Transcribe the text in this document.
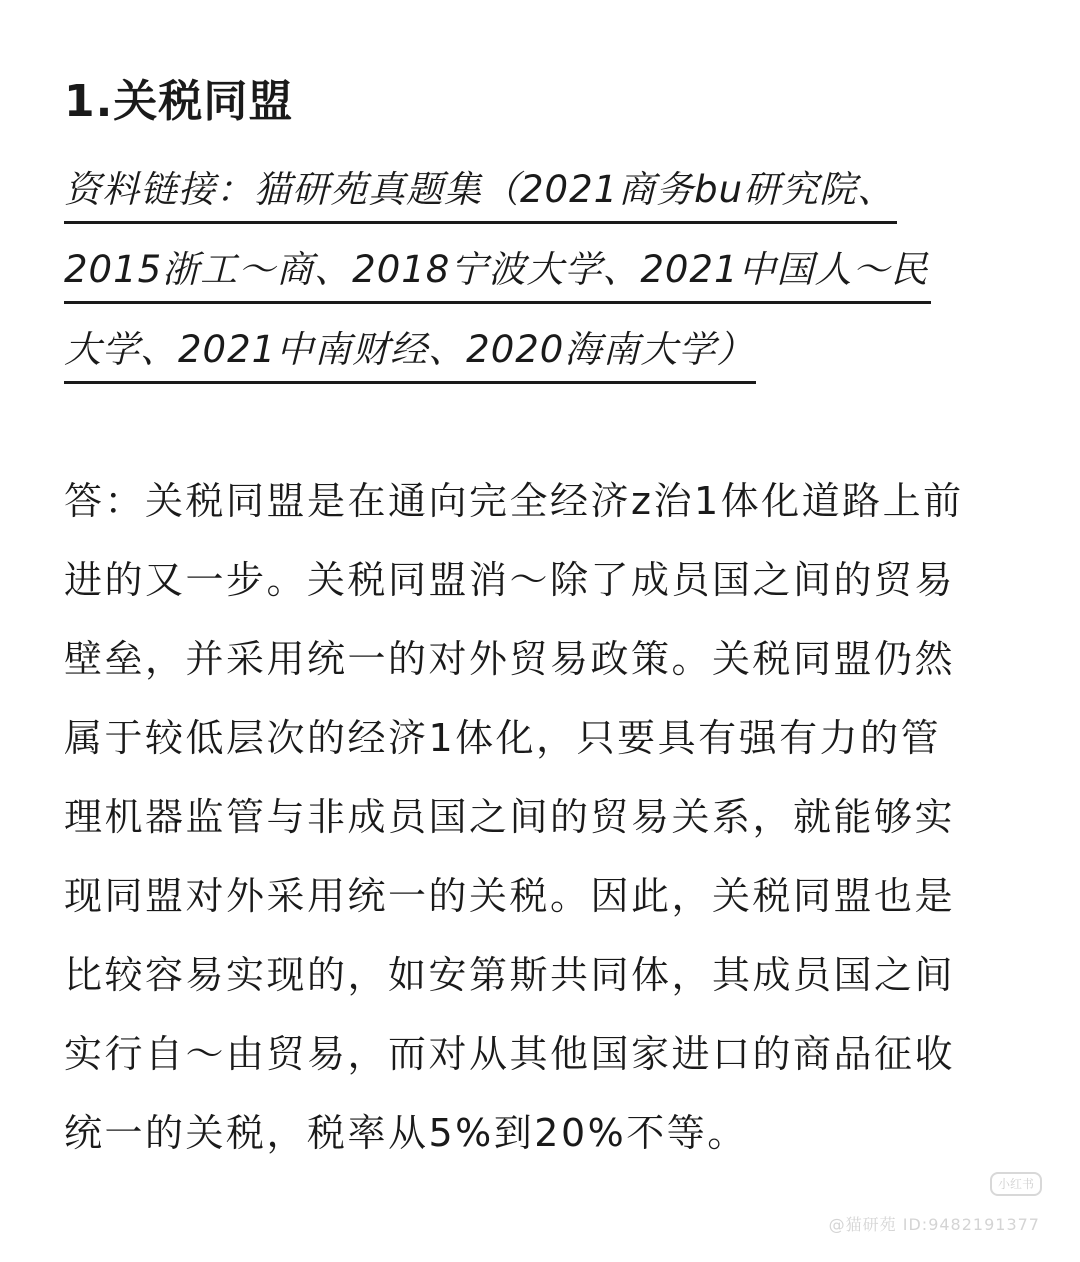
1.关税同盟
资料链接：猫研苑真题集（2021商务bu研究院、
2015浙工～商、2018宁波大学、2021中国人～民
大学、2021中南财经、2020海南大学）
答：关税同盟是在通向完全经济z治1体化道路上前
进的又一步。关税同盟消～除了成员国之间的贸易
壁垒，并采用统一的对外贸易政策。关税同盟仍然
属于较低层次的经济1体化，只要具有强有力的管
理机器监管与非成员国之间的贸易关系，就能够实
现同盟对外采用统一的关税。因此，关税同盟也是
比较容易实现的，如安第斯共同体，其成员国之间
实行自～由贸易，而对从其他国家进口的商品征收
统一的关税，税率从5%到20%不等。
小红书
@猫研苑 ID:9482191377
